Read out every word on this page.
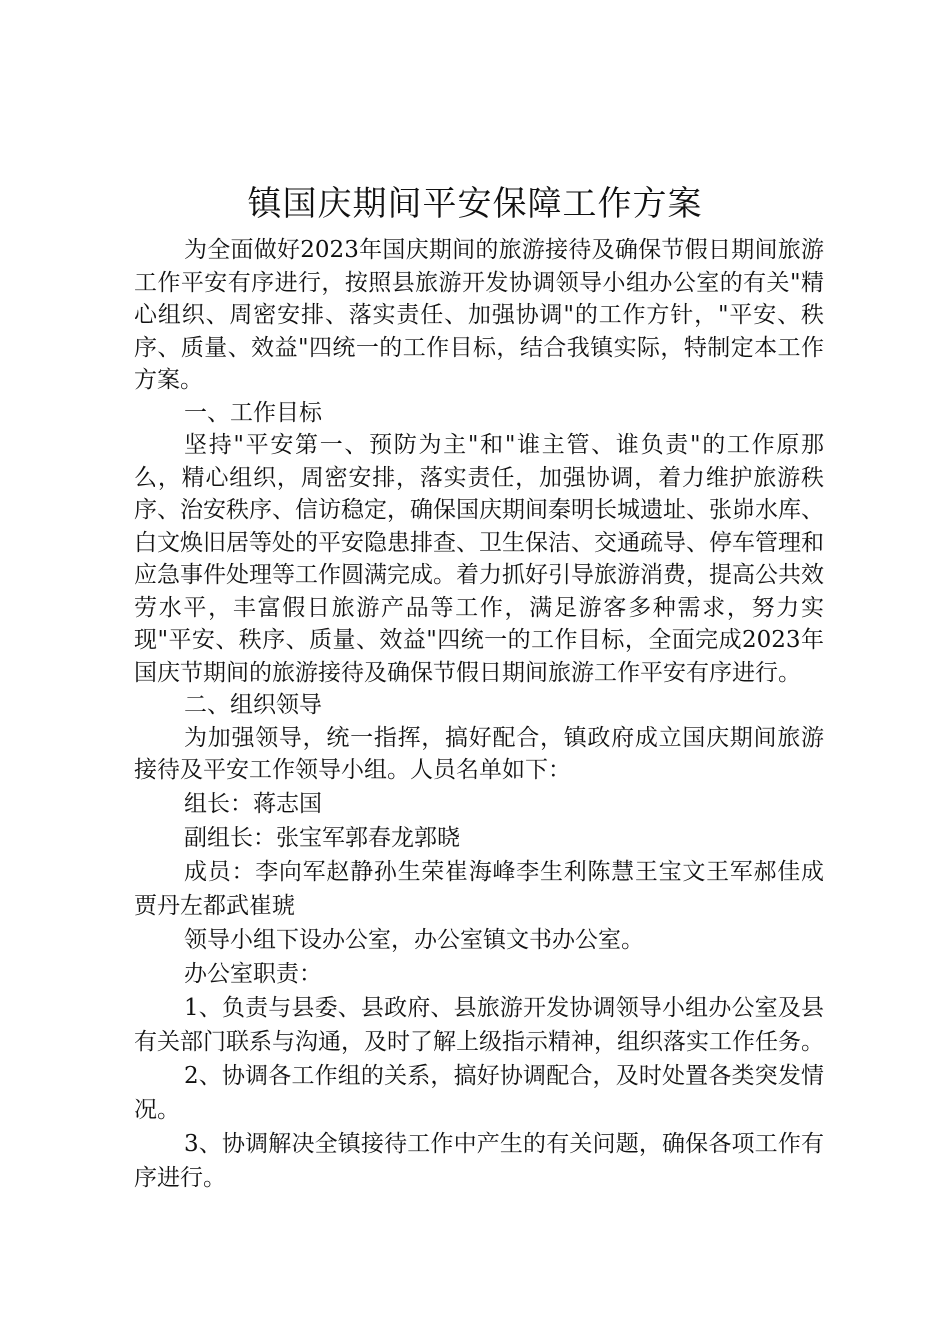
镇国庆期间平安保障工作方案

为全面做好2023年国庆期间的旅游接待及确保节假日期间旅游工作平安有序进行，按照县旅游开发协调领导小组办公室的有关"精心组织、周密安排、落实责任、加强协调"的工作方针，"平安、秩序、质量、效益"四统一的工作目标，结合我镇实际，特制定本工作方案。

一、工作目标

坚持"平安第一、预防为主"和"谁主管、谁负责"的工作原那么，精心组织，周密安排，落实责任，加强协调，着力维护旅游秩序、治安秩序、信访稳定，确保国庆期间秦明长城遗址、张峁水库、白文焕旧居等处的平安隐患排查、卫生保洁、交通疏导、停车管理和应急事件处理等工作圆满完成。着力抓好引导旅游消费，提高公共效劳水平，丰富假日旅游产品等工作，满足游客多种需求，努力实现"平安、秩序、质量、效益"四统一的工作目标，全面完成2023年国庆节期间的旅游接待及确保节假日期间旅游工作平安有序进行。

二、组织领导

为加强领导，统一指挥，搞好配合，镇政府成立国庆期间旅游接待及平安工作领导小组。人员名单如下：

组长：蒋志国

副组长：张宝军郭春龙郭晓

成员：李向军赵静孙生荣崔海峰李生利陈慧王宝文王军郝佳成贾丹左都武崔琥

领导小组下设办公室，办公室镇文书办公室。

办公室职责：

1、负责与县委、县政府、县旅游开发协调领导小组办公室及县有关部门联系与沟通，及时了解上级指示精神，组织落实工作任务。

2、协调各工作组的关系，搞好协调配合，及时处置各类突发情况。

3、协调解决全镇接待工作中产生的有关问题，确保各项工作有序进行。
